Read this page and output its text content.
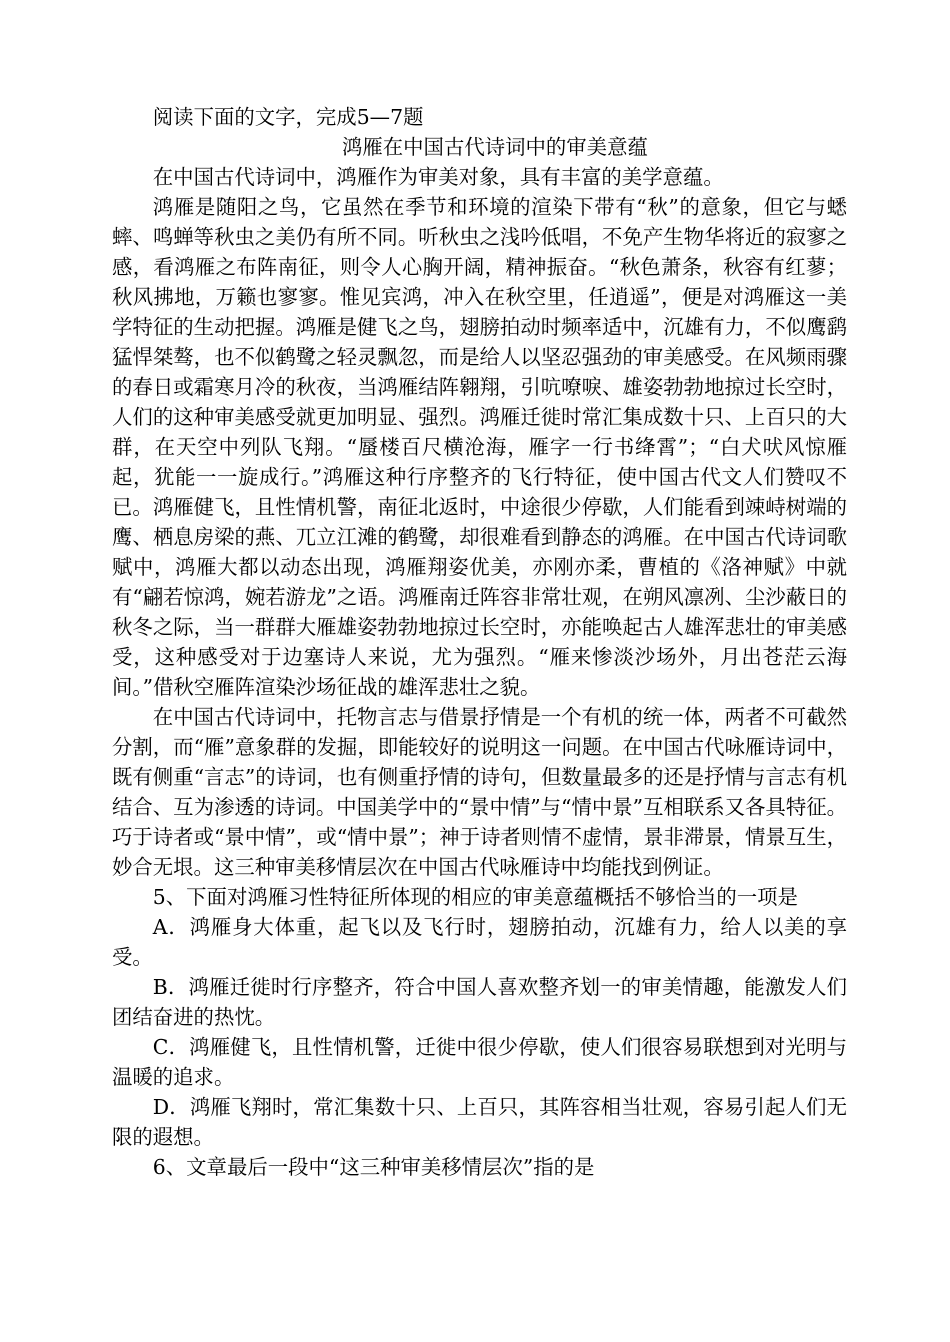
阅读下面的文字，完成5—7题

鸿雁在中国古代诗词中的审美意蕴

在中国古代诗词中，鸿雁作为审美对象，具有丰富的美学意蕴。

鸿雁是随阳之鸟，它虽然在季节和环境的渲染下带有“秋”的意象，但它与蟋蟀、鸣蝉等秋虫之美仍有所不同。听秋虫之浅吟低唱，不免产生物华将近的寂寥之感，看鸿雁之布阵南征，则令人心胸开阔，精神振奋。“秋色萧条，秋容有红蓼；秋风拂地，万籁也寥寥。惟见宾鸿，冲入在秋空里，任逍遥”，便是对鸿雁这一美学特征的生动把握。鸿雁是健飞之鸟，翅膀拍动时频率适中，沉雄有力，不似鹰鹞猛悍桀骜，也不似鹤鹭之轻灵飘忽，而是给人以坚忍强劲的审美感受。在风频雨骤的春日或霜寒月冷的秋夜，当鸿雁结阵翱翔，引吭嘹唳、雄姿勃勃地掠过长空时，人们的这种审美感受就更加明显、强烈。鸿雁迁徙时常汇集成数十只、上百只的大群，在天空中列队飞翔。“蜃楼百尺横沧海，雁字一行书绛霄”；“白犬吠风惊雁起，犹能一一旋成行。”鸿雁这种行序整齐的飞行特征，使中国古代文人们赞叹不已。鸿雁健飞，且性情机警，南征北返时，中途很少停歇，人们能看到竦峙树端的鹰、栖息房梁的燕、兀立江滩的鹤鹭，却很难看到静态的鸿雁。在中国古代诗词歌赋中，鸿雁大都以动态出现，鸿雁翔姿优美，亦刚亦柔，曹植的《洛神赋》中就有“翩若惊鸿，婉若游龙”之语。鸿雁南迁阵容非常壮观，在朔风凛冽、尘沙蔽日的秋冬之际，当一群群大雁雄姿勃勃地掠过长空时，亦能唤起古人雄浑悲壮的审美感受，这种感受对于边塞诗人来说，尤为强烈。“雁来惨淡沙场外，月出苍茫云海间。”借秋空雁阵渲染沙场征战的雄浑悲壮之貌。

在中国古代诗词中，托物言志与借景抒情是一个有机的统一体，两者不可截然分割，而“雁”意象群的发掘，即能较好的说明这一问题。在中国古代咏雁诗词中，既有侧重“言志”的诗词，也有侧重抒情的诗句，但数量最多的还是抒情与言志有机结合、互为渗透的诗词。中国美学中的“景中情”与“情中景”互相联系又各具特征。巧于诗者或“景中情”，或“情中景”；神于诗者则情不虚情，景非滞景，情景互生，妙合无垠。这三种审美移情层次在中国古代咏雁诗中均能找到例证。

5、下面对鸿雁习性特征所体现的相应的审美意蕴概括不够恰当的一项是

A．鸿雁身大体重，起飞以及飞行时，翅膀拍动，沉雄有力，给人以美的享受。

B．鸿雁迁徙时行序整齐，符合中国人喜欢整齐划一的审美情趣，能激发人们团结奋进的热忱。

C．鸿雁健飞，且性情机警，迁徙中很少停歇，使人们很容易联想到对光明与温暖的追求。

D．鸿雁飞翔时，常汇集数十只、上百只，其阵容相当壮观，容易引起人们无限的遐想。

6、文章最后一段中“这三种审美移情层次”指的是
